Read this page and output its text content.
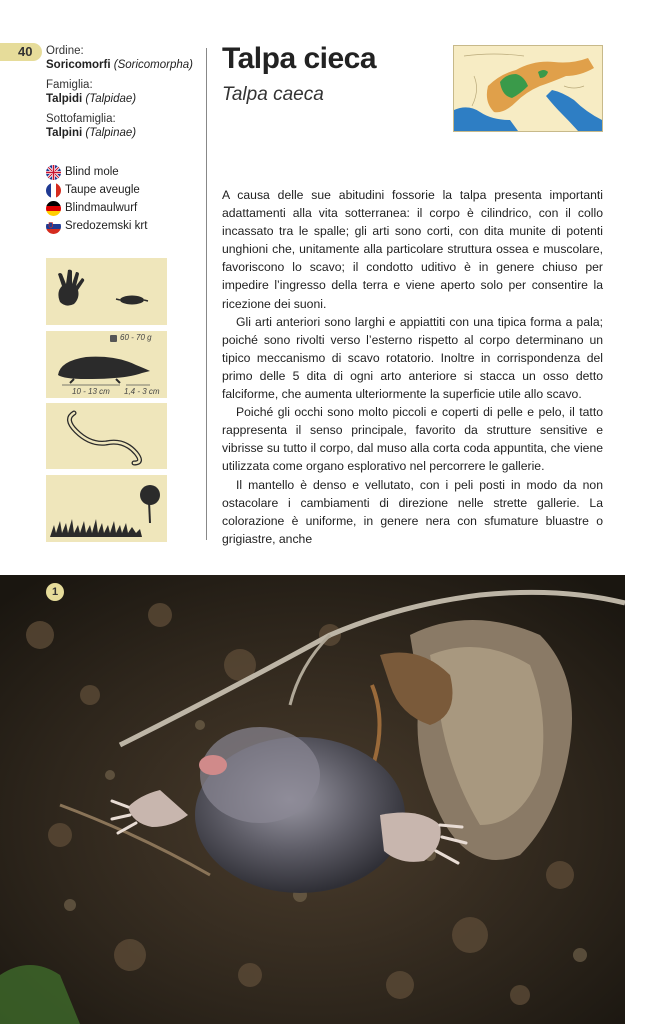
40 Ordine:
Soricomorfi (Soricomorpha)
Famiglia:
Talpidi (Talpidae)
Sottofamiglia:
Talpini (Talpinae)
Blind mole
Taupe aveugle
Blindmaulwurf
Sredozemski krt
Talpa cieca
Talpa caeca
60 - 70 g
10 - 13 cm 1,4 - 3 cm

A causa delle sue abitudini fossorie la talpa presenta importanti adattamenti alla vita sotterranea: il corpo è cilindrico, con il collo incassato tra le spalle; gli arti sono corti, con dita munite di potenti unghioni che, unitamente alla particolare struttura ossea e muscolare, favoriscono lo scavo; il condotto uditivo è in genere chiuso per impedire l’ingresso della terra e viene aperto solo per consentire la ricezione dei suoni.

Gli arti anteriori sono larghi e appiattiti con una tipica forma a pala; poiché sono rivolti verso l’esterno rispetto al corpo determinano un tipico meccanismo di scavo rotatorio. Inoltre in corrispondenza del primo delle 5 dita di ogni arto anteriore si stacca un osso detto falciforme, che aumenta ulteriormente la superficie utile allo scavo.

Poiché gli occhi sono molto piccoli e coperti di pelle e pelo, il tatto rappresenta il senso principale, favorito da strutture sensitive e vibrisse su tutto il corpo, dal muso alla corta coda appuntita, che viene utilizzata come organo esplorativo nel percorrere le gallerie.

Il mantello è denso e vellutato, con i peli posti in modo da non ostacolare i cambiamenti di direzione nelle strette gallerie. La colorazione è uniforme, in genere nera con sfumature bluastre o grigiastre, anche

1
